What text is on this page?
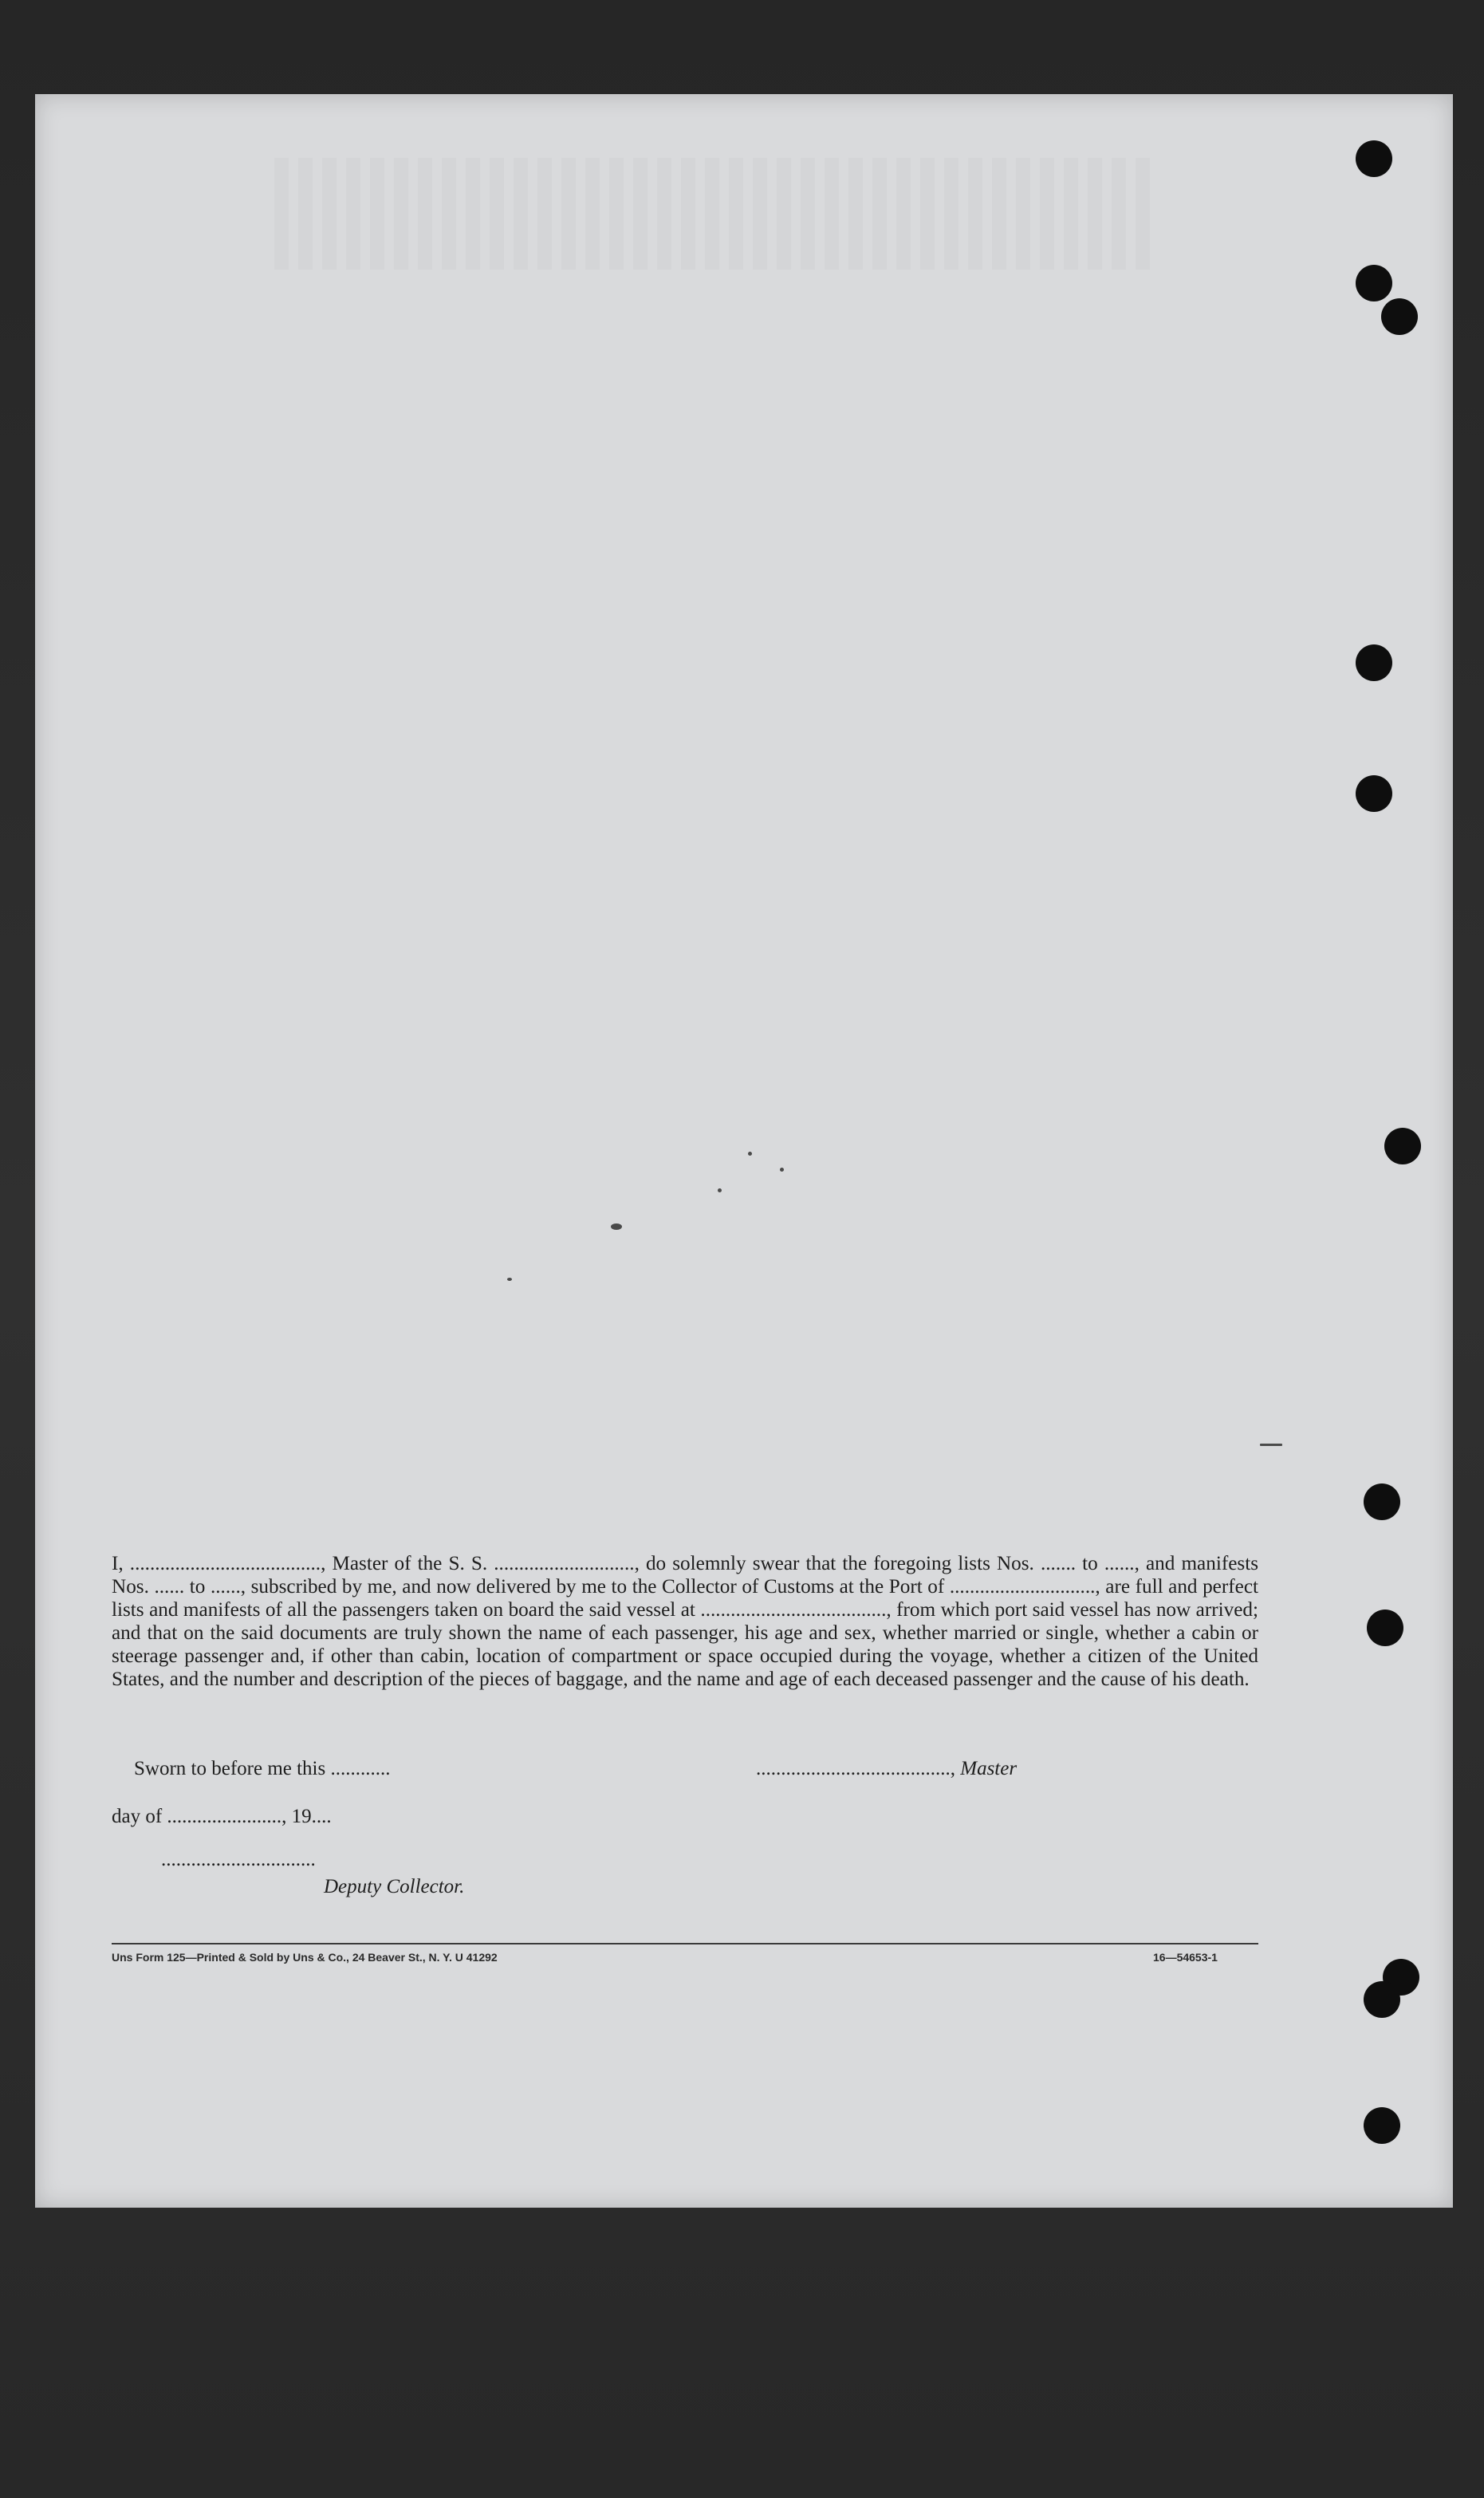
I, ......................................, Master of the S. S. ............................, do solemnly swear that the foregoing lists Nos. ....... to ......, and manifests Nos. ...... to ......, subscribed by me, and now delivered by me to the Collector of Customs at the Port of ............................., are full and perfect lists and manifests of all the passengers taken on board the said vessel at ....................................., from which port said vessel has now arrived; and that on the said documents are truly shown the name of each passenger, his age and sex, whether married or single, whether a cabin or steerage passenger and, if other than cabin, location of compartment or space occupied during the voyage, whether a citizen of the United States, and the number and description of the pieces of baggage, and the name and age of each deceased passenger and the cause of his death.

Sworn to before me this ............	......................................., Master
day of ......................., 19....
...............................
Deputy Collector.
Uns Form 125—Printed & Sold by Uns & Co., 24 Beaver St., N. Y. U 41292	16—54653-1
